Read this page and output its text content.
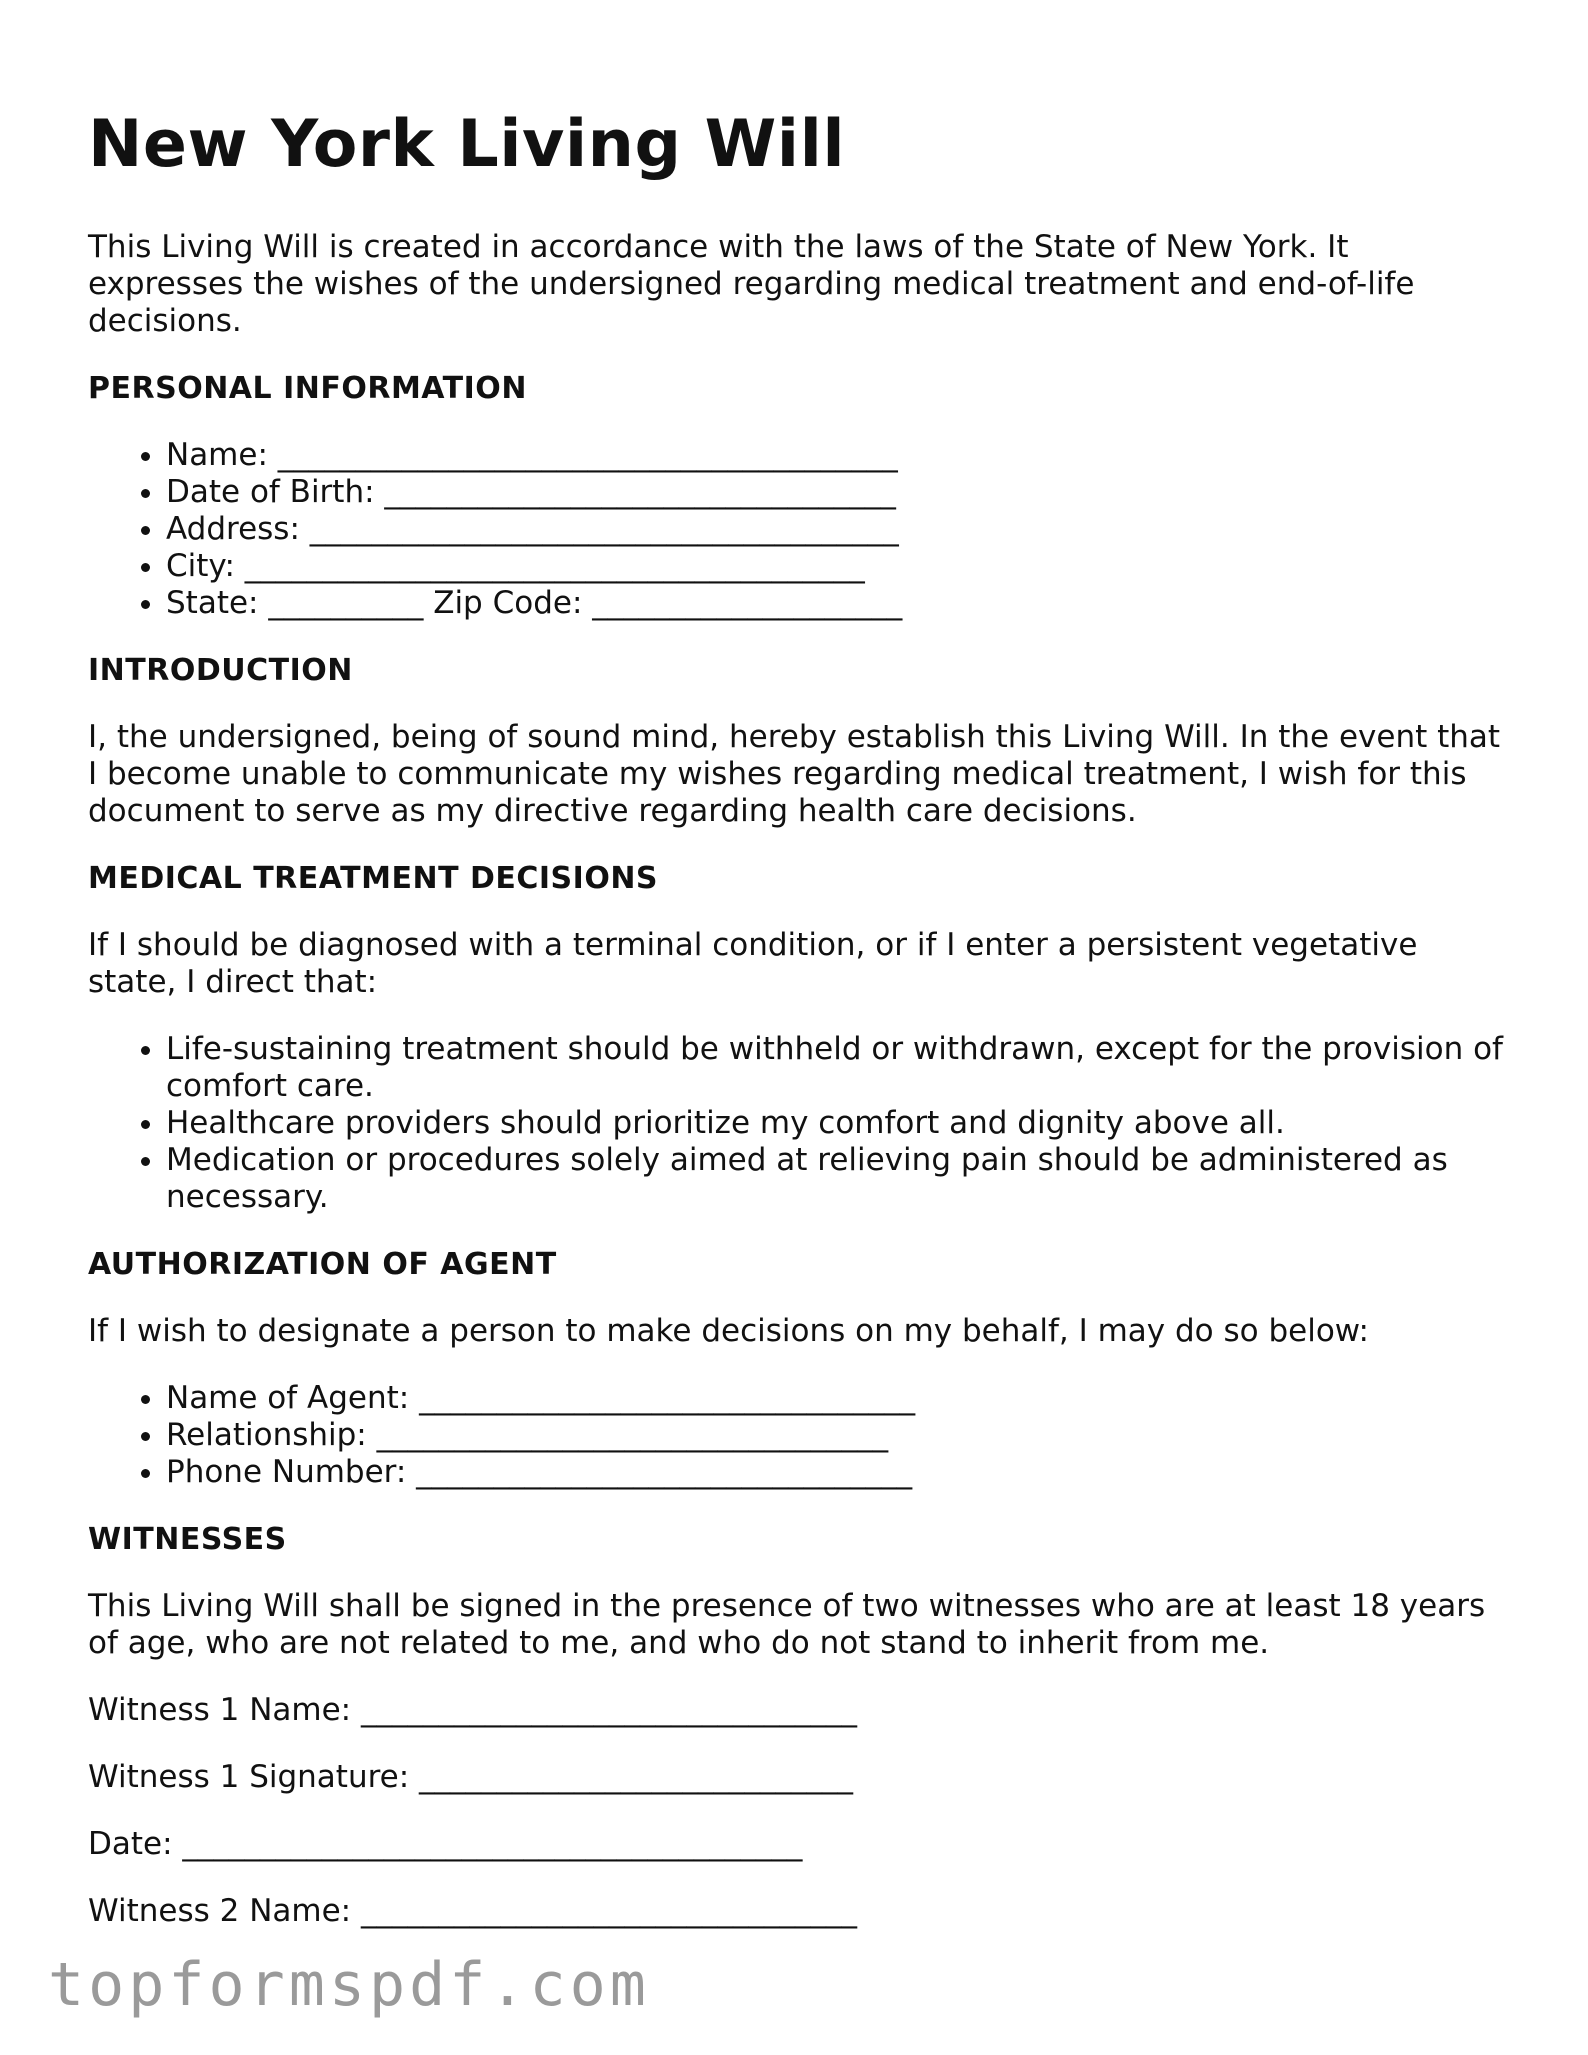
New York Living Will

This Living Will is created in accordance with the laws of the State of New York. It expresses the wishes of the undersigned regarding medical treatment and end-of-life decisions.

PERSONAL INFORMATION
• Name: ________________________________________
• Date of Birth: _________________________________
• Address: ______________________________________
• City: ________________________________________
• State: __________ Zip Code: ____________________
INTRODUCTION

I, the undersigned, being of sound mind, hereby establish this Living Will. In the event that I become unable to communicate my wishes regarding medical treatment, I wish for this document to serve as my directive regarding health care decisions.

MEDICAL TREATMENT DECISIONS

If I should be diagnosed with a terminal condition, or if I enter a persistent vegetative state, I direct that:

• Life-sustaining treatment should be withheld or withdrawn, except for the provision of comfort care.
• Healthcare providers should prioritize my comfort and dignity above all.
• Medication or procedures solely aimed at relieving pain should be administered as necessary.
AUTHORIZATION OF AGENT

If I wish to designate a person to make decisions on my behalf, I may do so below:

• Name of Agent: ________________________________
• Relationship: _________________________________
• Phone Number: ________________________________
WITNESSES

This Living Will shall be signed in the presence of two witnesses who are at least 18 years of age, who are not related to me, and who do not stand to inherit from me.

Witness 1 Name: ________________________________

Witness 1 Signature: ____________________________

Date: ________________________________________

Witness 2 Name: ________________________________

topformspdf.com
